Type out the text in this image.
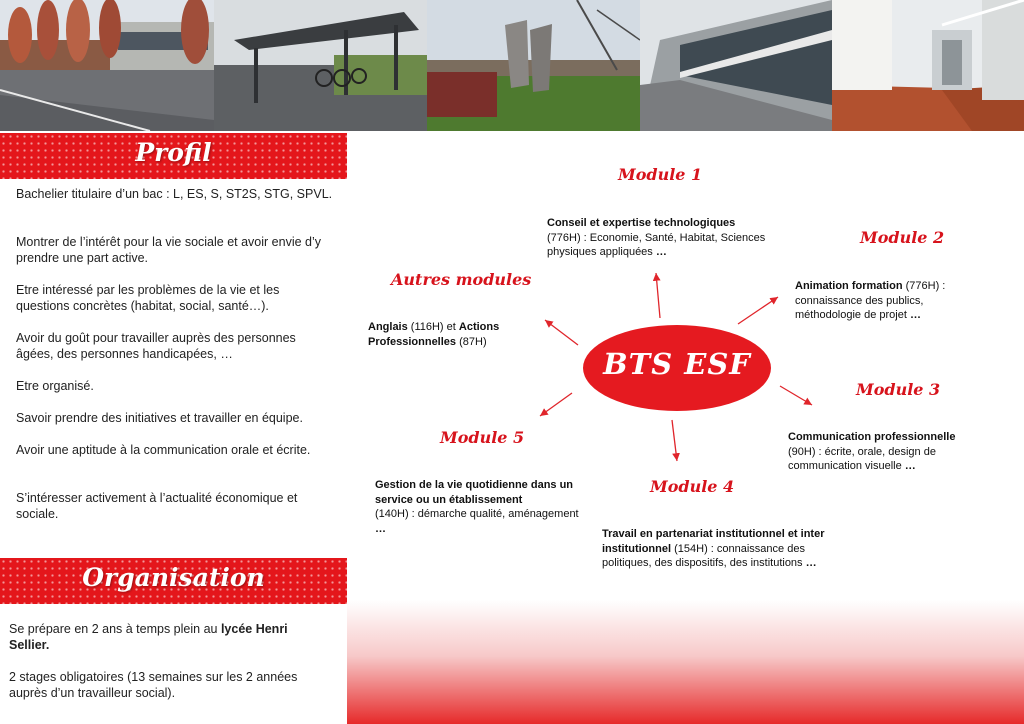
Profil

Bachelier titulaire d’un bac : L, ES, S, ST2S, STG, SPVL.

Montrer de l’intérêt pour la vie sociale et avoir envie d’y prendre une part active.

Etre intéressé par les problèmes de la vie et les questions concrètes (habitat, social, santé…).

Avoir du goût pour travailler auprès des personnes âgées, des personnes handicapées, …

Etre organisé.

Savoir prendre des initiatives et travailler en équipe.

Avoir une aptitude à la communication orale et écrite.

S’intéresser activement à l’actualité économique et sociale.

Organisation

Se prépare en 2 ans à temps plein au lycée Henri Sellier.

2 stages obligatoires (13 semaines sur les 2 années auprès d’un travailleur social).

BTS ESF
Module 1
Conseil et expertise technologiques
(776H) : Economie, Santé, Habitat, Sciences physiques appliquées …
Module 2
Animation formation (776H) : connaissance des publics, méthodologie de projet …
Module 3
Communication professionnelle
(90H) : écrite, orale, design de communication visuelle …
Module 4
Travail en partenariat institutionnel et inter institutionnel (154H) : connaissance des politiques, des dispositifs, des institutions …
Module 5
Gestion de la vie quotidienne dans un service ou un établissement
(140H) : démarche qualité, aménagement …
Autres modules
Anglais (116H) et Actions Professionnelles (87H)
